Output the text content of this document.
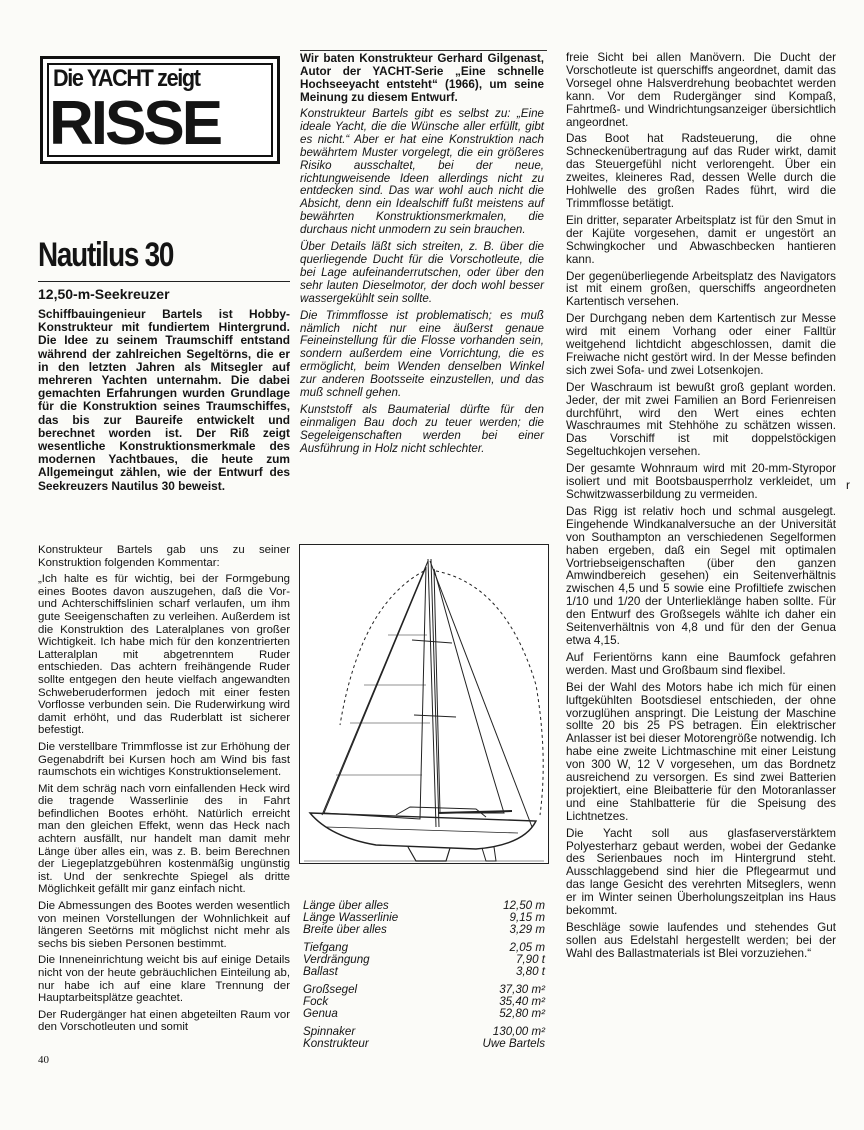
Die YACHT zeigt
RISSE
Nautilus 30
12,50-m-Seekreuzer

Schiffbauingenieur Bartels ist Hobby-Konstrukteur mit fundiertem Hintergrund. Die Idee zu seinem Traumschiff entstand während der zahlreichen Segeltörns, die er in den letzten Jahren als Mitsegler auf mehreren Yachten unternahm. Die dabei gemachten Erfahrungen wurden Grundlage für die Konstruktion seines Traumschiffes, das bis zur Baureife entwickelt und berechnet worden ist. Der Riß zeigt wesentliche Konstruktionsmerkmale des modernen Yachtbaues, die heute zum Allgemeingut zählen, wie der Entwurf des Seekreuzers Nautilus 30 beweist.

Konstrukteur Bartels gab uns zu seiner Konstruktion folgenden Kommentar:

„Ich halte es für wichtig, bei der Formgebung eines Bootes davon auszugehen, daß die Vor- und Achterschiffslinien scharf verlaufen, um ihm gute Seeigenschaften zu verleihen. Außerdem ist die Konstruktion des Lateralplanes von großer Wichtigkeit. Ich habe mich für den konzentrierten Latteralplan mit abgetrenntem Ruder entschieden. Das achtern freihängende Ruder sollte entgegen den heute vielfach angewandten Schweberuderformen jedoch mit einer festen Vorflosse verbunden sein. Die Ruderwirkung wird damit erhöht, und das Ruderblatt ist sicherer befestigt.

Die verstellbare Trimmflosse ist zur Erhöhung der Gegenabdrift bei Kursen hoch am Wind bis fast raumschots ein wichtiges Konstruktionselement.

Mit dem schräg nach vorn einfallenden Heck wird die tragende Wasserlinie des in Fahrt befindlichen Bootes erhöht. Natürlich erreicht man den gleichen Effekt, wenn das Heck nach achtern ausfällt, nur handelt man damit mehr Länge über alles ein, was z. B. beim Berechnen der Liegeplatzgebühren kostenmäßig ungünstig ist. Und der senkrechte Spiegel als dritte Möglichkeit gefällt mir ganz einfach nicht.

Die Abmessungen des Bootes werden wesentlich von meinen Vorstellungen der Wohnlichkeit auf längeren Seetörns mit möglichst nicht mehr als sechs bis sieben Personen bestimmt.

Die Inneneinrichtung weicht bis auf einige Details nicht von der heute gebräuchlichen Einteilung ab, nur habe ich auf eine klare Trennung der Hauptarbeitsplätze geachtet.

Der Rudergänger hat einen abgeteilten Raum vor den Vorschotleuten und somit

Wir baten Konstrukteur Gerhard Gilgenast, Autor der YACHT-Serie „Eine schnelle Hochseeyacht entsteht“ (1966), um seine Meinung zu diesem Entwurf.

Konstrukteur Bartels gibt es selbst zu: „Eine ideale Yacht, die die Wünsche aller erfüllt, gibt es nicht.“ Aber er hat eine Konstruktion nach bewährtem Muster vorgelegt, die ein größeres Risiko ausschaltet, bei der neue, richtungweisende Ideen allerdings nicht zu entdecken sind. Das war wohl auch nicht die Absicht, denn ein Idealschiff fußt meistens auf bewährten Konstruktionsmerkmalen, die durchaus nicht unmodern zu sein brauchen.

Über Details läßt sich streiten, z. B. über die querliegende Ducht für die Vorschotleute, die bei Lage aufeinanderrutschen, oder über den sehr lauten Dieselmotor, der doch wohl besser wassergekühlt sein sollte.

Die Trimmflosse ist problematisch; es muß nämlich nicht nur eine äußerst genaue Feineinstellung für die Flosse vorhanden sein, sondern außerdem eine Vorrichtung, die es ermöglicht, beim Wenden denselben Winkel zur anderen Bootsseite einzustellen, und das muß schnell gehen.

Kunststoff als Baumaterial dürfte für den einmaligen Bau doch zu teuer werden; die Segeleigenschaften werden bei einer Ausführung in Holz nicht schlechter.

Länge über alles	12,50 m
Länge Wasserlinie	9,15 m
Breite über alles	3,29 m
Tiefgang	2,05 m
Verdrängung	7,90 t
Ballast	3,80 t
Großsegel	37,30 m²
Fock	35,40 m²
Genua	52,80 m²
Spinnaker	130,00 m²
Konstrukteur	Uwe Bartels

freie Sicht bei allen Manövern. Die Ducht der Vorschotleute ist querschiffs angeordnet, damit das Vorsegel ohne Halsverdrehung beobachtet werden kann. Vor dem Rudergänger sind Kompaß, Fahrtmeß- und Windrichtungsanzeiger übersichtlich angeordnet.

Das Boot hat Radsteuerung, die ohne Schneckenübertragung auf das Ruder wirkt, damit das Steuergefühl nicht verlorengeht. Über ein zweites, kleineres Rad, dessen Welle durch die Hohlwelle des großen Rades führt, wird die Trimmflosse betätigt.

Ein dritter, separater Arbeitsplatz ist für den Smut in der Kajüte vorgesehen, damit er ungestört an Schwingkocher und Abwaschbecken hantieren kann.

Der gegenüberliegende Arbeitsplatz des Navigators ist mit einem großen, querschiffs angeordneten Kartentisch versehen.

Der Durchgang neben dem Kartentisch zur Messe wird mit einem Vorhang oder einer Falltür weitgehend lichtdicht abgeschlossen, damit die Freiwache nicht gestört wird. In der Messe befinden sich zwei Sofa- und zwei Lotsenkojen.

Der Waschraum ist bewußt groß geplant worden. Jeder, der mit zwei Familien an Bord Ferienreisen durchführt, wird den Wert eines echten Waschraumes mit Stehhöhe zu schätzen wissen. Das Vorschiff ist mit doppelstöckigen Segeltuchkojen versehen.

Der gesamte Wohnraum wird mit 20-mm-Styropor isoliert und mit Bootsbausperrholz verkleidet, um Schwitzwasserbildung zu vermeiden.

Das Rigg ist relativ hoch und schmal ausgelegt. Eingehende Windkanalversuche an der Universität von Southampton an verschiedenen Segelformen haben ergeben, daß ein Segel mit optimalen Vortriebseigenschaften (über den ganzen Amwindbereich gesehen) ein Seitenverhältnis zwischen 4,5 und 5 sowie eine Profiltiefe zwischen 1/10 und 1/20 der Unterlieklänge haben sollte. Für den Entwurf des Großsegels wählte ich daher ein Seitenverhältnis von 4,8 und für den der Genua etwa 4,15.

Auf Ferientörns kann eine Baumfock gefahren werden. Mast und Großbaum sind flexibel.

Bei der Wahl des Motors habe ich mich für einen luftgekühlten Bootsdiesel entschieden, der ohne vorzuglühen anspringt. Die Leistung der Maschine sollte 20 bis 25 PS betragen. Ein elektrischer Anlasser ist bei dieser Motorengröße notwendig. Ich habe eine zweite Lichtmaschine mit einer Leistung von 300 W, 12 V vorgesehen, um das Bordnetz ausreichend zu versorgen. Es sind zwei Batterien projektiert, eine Bleibatterie für den Motoranlasser und eine Stahlbatterie für die Speisung des Lichtnetzes.

Die Yacht soll aus glasfaserverstärktem Polyesterharz gebaut werden, wobei der Gedanke des Serienbaues noch im Hintergrund steht. Ausschlaggebend sind hier die Pflegearmut und das lange Gesicht des verehrten Mitseglers, wenn er im Winter seinen Überholungszeitplan ins Haus bekommt.

Beschläge sowie laufendes und stehendes Gut sollen aus Edelstahl hergestellt werden; bei der Wahl des Ballastmaterials ist Blei vorzuziehen.“

40
r
